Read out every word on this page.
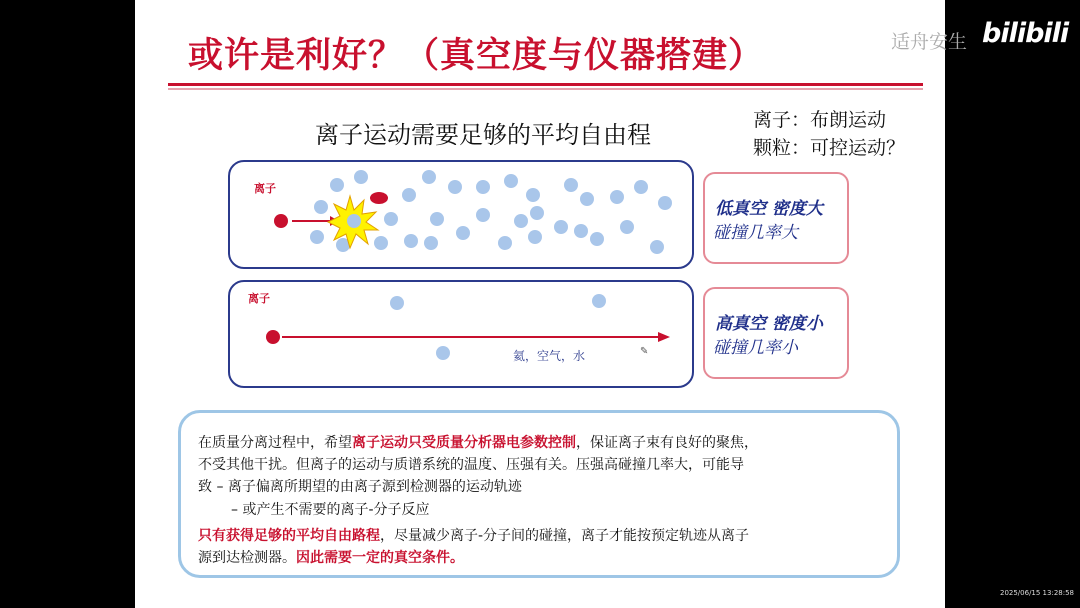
或许是利好？（真空度与仪器搭建）
离子运动需要足够的平均自由程
离子：布朗运动
颗粒：可控运动？
离子
离子
氦，空气，水	✎
低真空 密度大
碰撞几率大
高真空 密度小
碰撞几率小
在质量分离过程中，希望离子运动只受质量分析器电参数控制，保证离子束有良好的聚焦，
不受其他干扰。但离子的运动与质谱系统的温度、压强有关。压强高碰撞几率大，可能导
致 – 离子偏离所期望的由离子源到检测器的运动轨迹
– 或产生不需要的离子-分子反应
只有获得足够的平均自由路程，尽量减少离子-分子间的碰撞，离子才能按预定轨迹从离子
源到达检测器。因此需要一定的真空条件。
适舟安生 bilibili
2025/06/15 13:28:58
